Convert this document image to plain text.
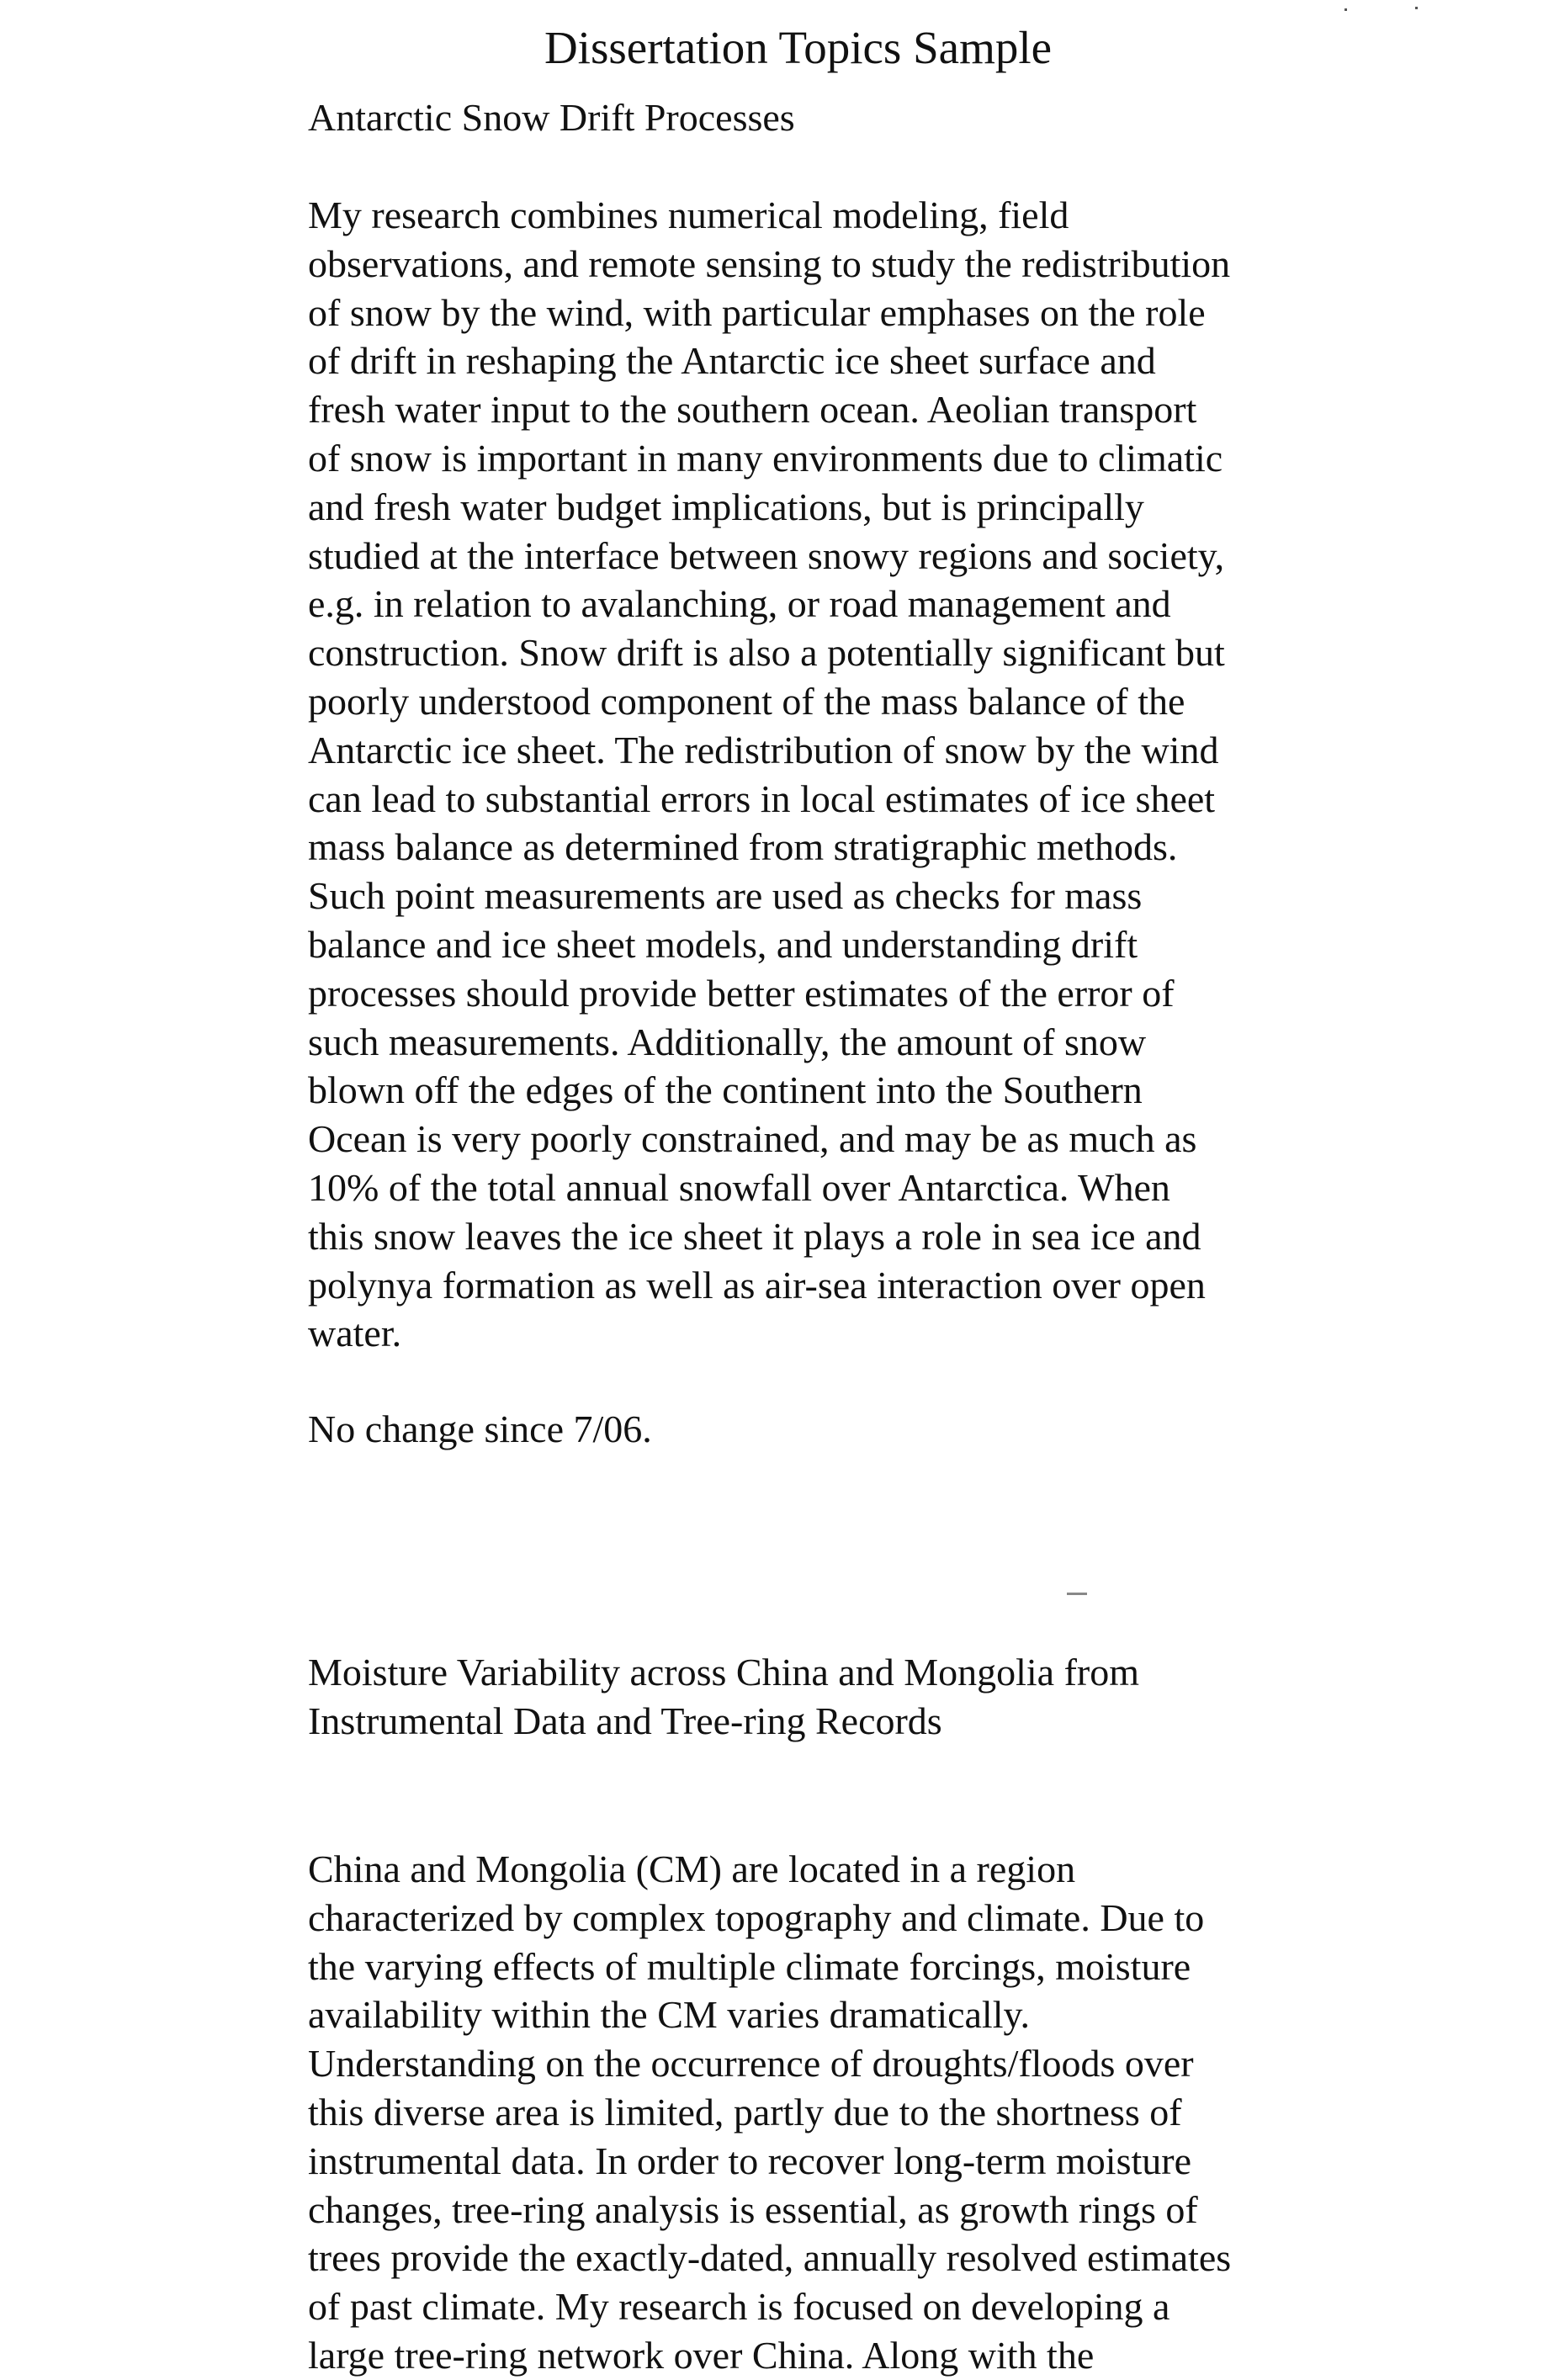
Dissertation Topics Sample
Antarctic Snow Drift Processes

My research combines numerical modeling, field
observations, and remote sensing to study the redistribution
of snow by the wind, with particular emphases on the role
of drift in reshaping the Antarctic ice sheet surface and
fresh water input to the southern ocean. Aeolian transport
of snow is important in many environments due to climatic
and fresh water budget implications, but is principally
studied at the interface between snowy regions and society,
e.g. in relation to avalanching, or road management and
construction. Snow drift is also a potentially significant but
poorly understood component of the mass balance of the
Antarctic ice sheet. The redistribution of snow by the wind
can lead to substantial errors in local estimates of ice sheet
mass balance as determined from stratigraphic methods.
Such point measurements are used as checks for mass
balance and ice sheet models, and understanding drift
processes should provide better estimates of the error of
such measurements. Additionally, the amount of snow
blown off the edges of the continent into the Southern
Ocean is very poorly constrained, and may be as much as
10% of the total annual snowfall over Antarctica. When
this snow leaves the ice sheet it plays a role in sea ice and
polynya formation as well as air-sea interaction over open
water.

No change since 7/06.
Moisture Variability across China and Mongolia from
Instrumental Data and Tree-ring Records

China and Mongolia (CM) are located in a region
characterized by complex topography and climate. Due to
the varying effects of multiple climate forcings, moisture
availability within the CM varies dramatically.
Understanding on the occurrence of droughts/floods over
this diverse area is limited, partly due to the shortness of
instrumental data. In order to recover long-term moisture
changes, tree-ring analysis is essential, as growth rings of
trees provide the exactly-dated, annually resolved estimates
of past climate. My research is focused on developing a
large tree-ring network over China. Along with the
